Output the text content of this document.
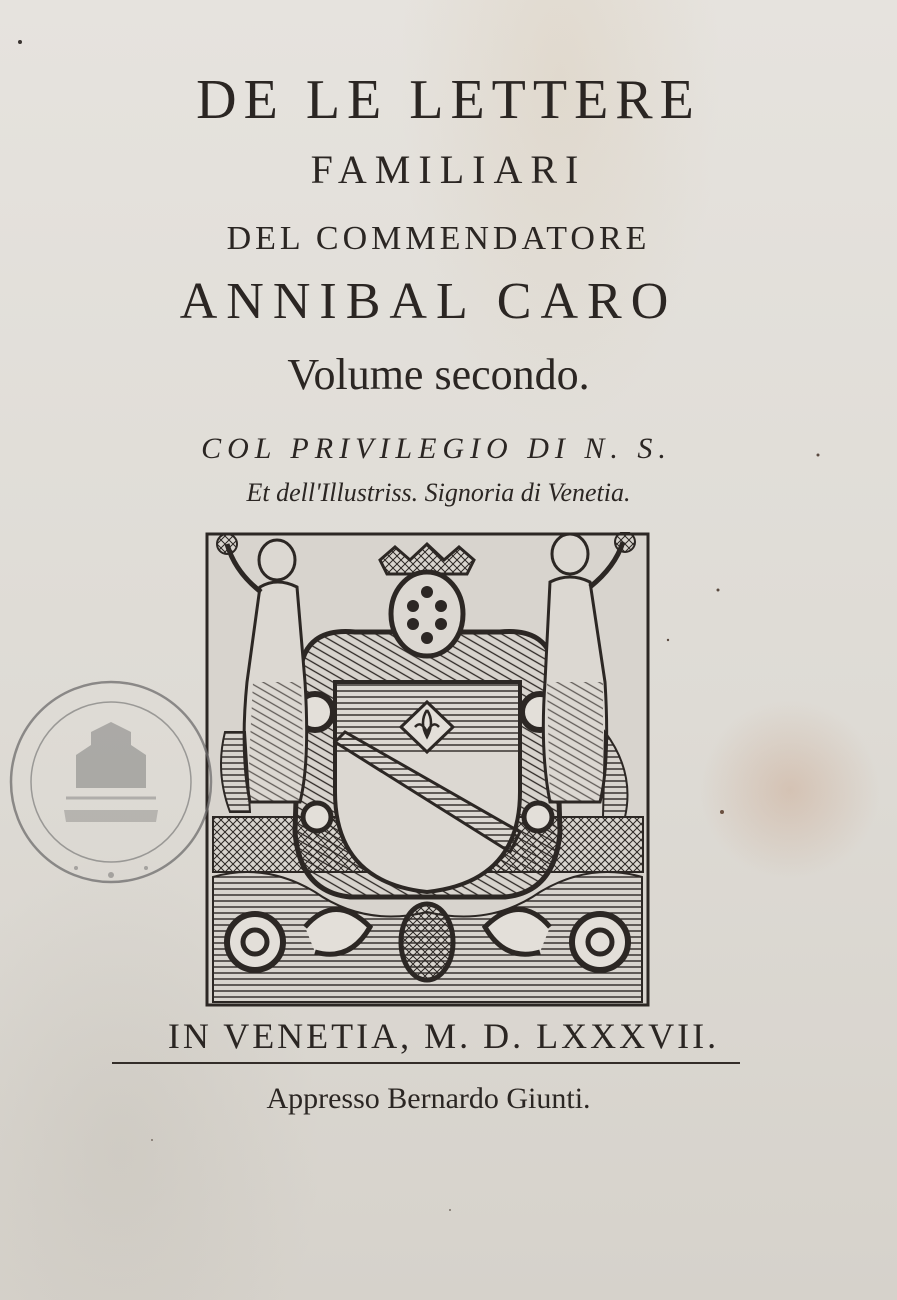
DE LE LETTERE
FAMILIARI
DEL COMMENDATORE
ANNIBAL CARO
Volume secondo.
COL PRIVILEGIO DI N. S.
Et dell'Illustriss. Signoria di Venetia.
IN VENETIA, M. D. LXXXVII.
Appresso Bernardo Giunti.
